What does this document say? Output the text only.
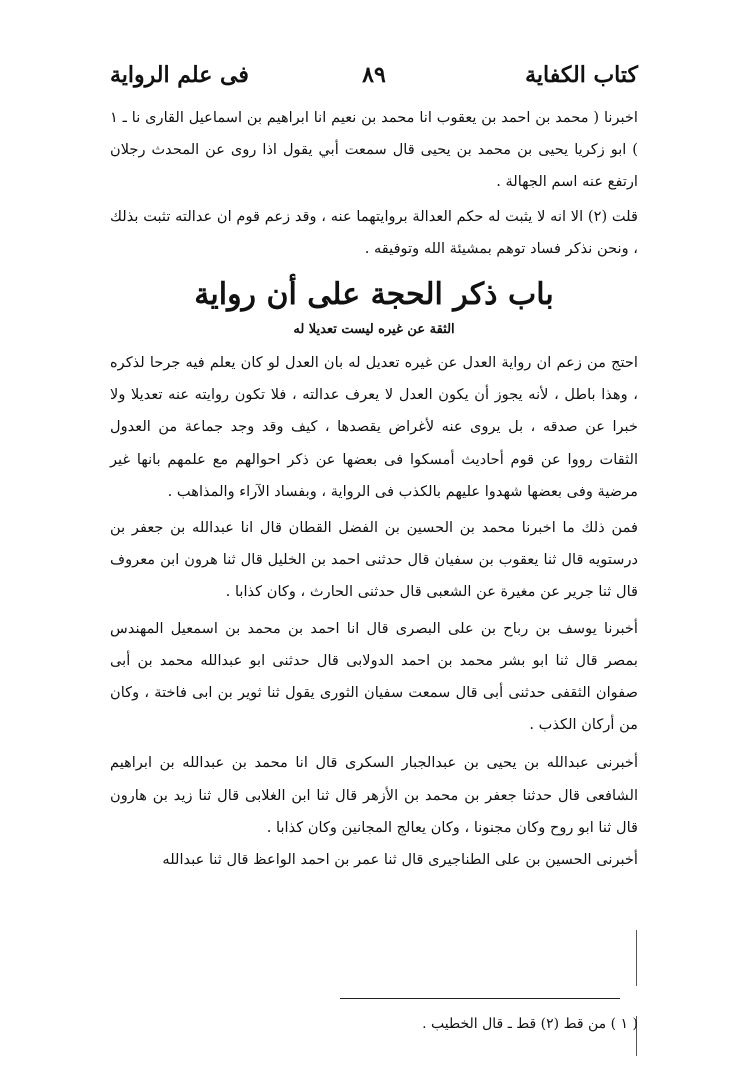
كتاب الكفاية
٨٩
فى علم الرواية

اخبرنا ( محمد بن احمد بن يعقوب انا محمد بن نعيم انا ابراهيم بن اسماعيل القارى نا ـ ١ ) ابو زكريا يحيى بن محمد بن يحيى قال سمعت أبي يقول اذا روى عن المحدث رجلان ارتفع عنه اسم الجهالة .

قلت (٢) الا انه لا يثبت له حكم العدالة بروايتهما عنه ، وقد زعم قوم ان عدالته تثبت بذلك ، ونحن نذكر فساد توهم بمشيئة الله وتوفيقه .

باب ذكر الحجة على أن رواية
الثقة عن غيره ليست تعديلا له

احتج من زعم ان رواية العدل عن غيره تعديل له بان العدل لو كان يعلم فيه جرحا لذكره ، وهذا باطل ، لأنه يجوز أن يكون العدل لا يعرف عدالته ، فلا تكون روايته عنه تعديلا ولا خبرا عن صدقه ، بل يروى عنه لأغراض يقصدها ، كيف وقد وجد جماعة من العدول الثقات رووا عن قوم أحاديث أمسكوا فى بعضها عن ذكر احوالهم مع علمهم بانها غير مرضية وفى بعضها شهدوا عليهم بالكذب فى الرواية ، وبفساد الآراء والمذاهب .

فمن ذلك ما اخبرنا محمد بن الحسين بن الفضل القطان قال انا عبدالله بن جعفر بن درستويه قال ثنا يعقوب بن سفيان قال حدثنى احمد بن الخليل قال ثنا هرون ابن معروف قال ثنا جرير عن مغيرة عن الشعبى قال حدثنى الحارث ، وكان كذابا .

أخبرنا يوسف بن رباح بن على البصرى قال انا احمد بن محمد بن اسمعيل المهندس بمصر قال ثنا ابو بشر محمد بن احمد الدولابى قال حدثنى ابو عبدالله محمد بن أبى صفوان الثقفى حدثنى أبى قال سمعت سفيان الثورى يقول ثنا ثوير بن ابى فاختة ، وكان من أركان الكذب .

أخبرنى عبدالله بن يحيى بن عبدالجبار السكرى قال انا محمد بن عبدالله بن ابراهيم الشافعى قال حدثنا جعفر بن محمد بن الأزهر قال ثنا ابن الغلابى قال ثنا زيد بن هارون قال ثنا ابو روح وكان مجنونا ، وكان يعالج المجانين وكان كذابا .

أخبرنى الحسين بن على الطناجيرى قال ثنا عمر بن احمد الواعظ قال ثنا عبدالله

( ١ ) من قط (٢) قط ـ قال الخطيب .
